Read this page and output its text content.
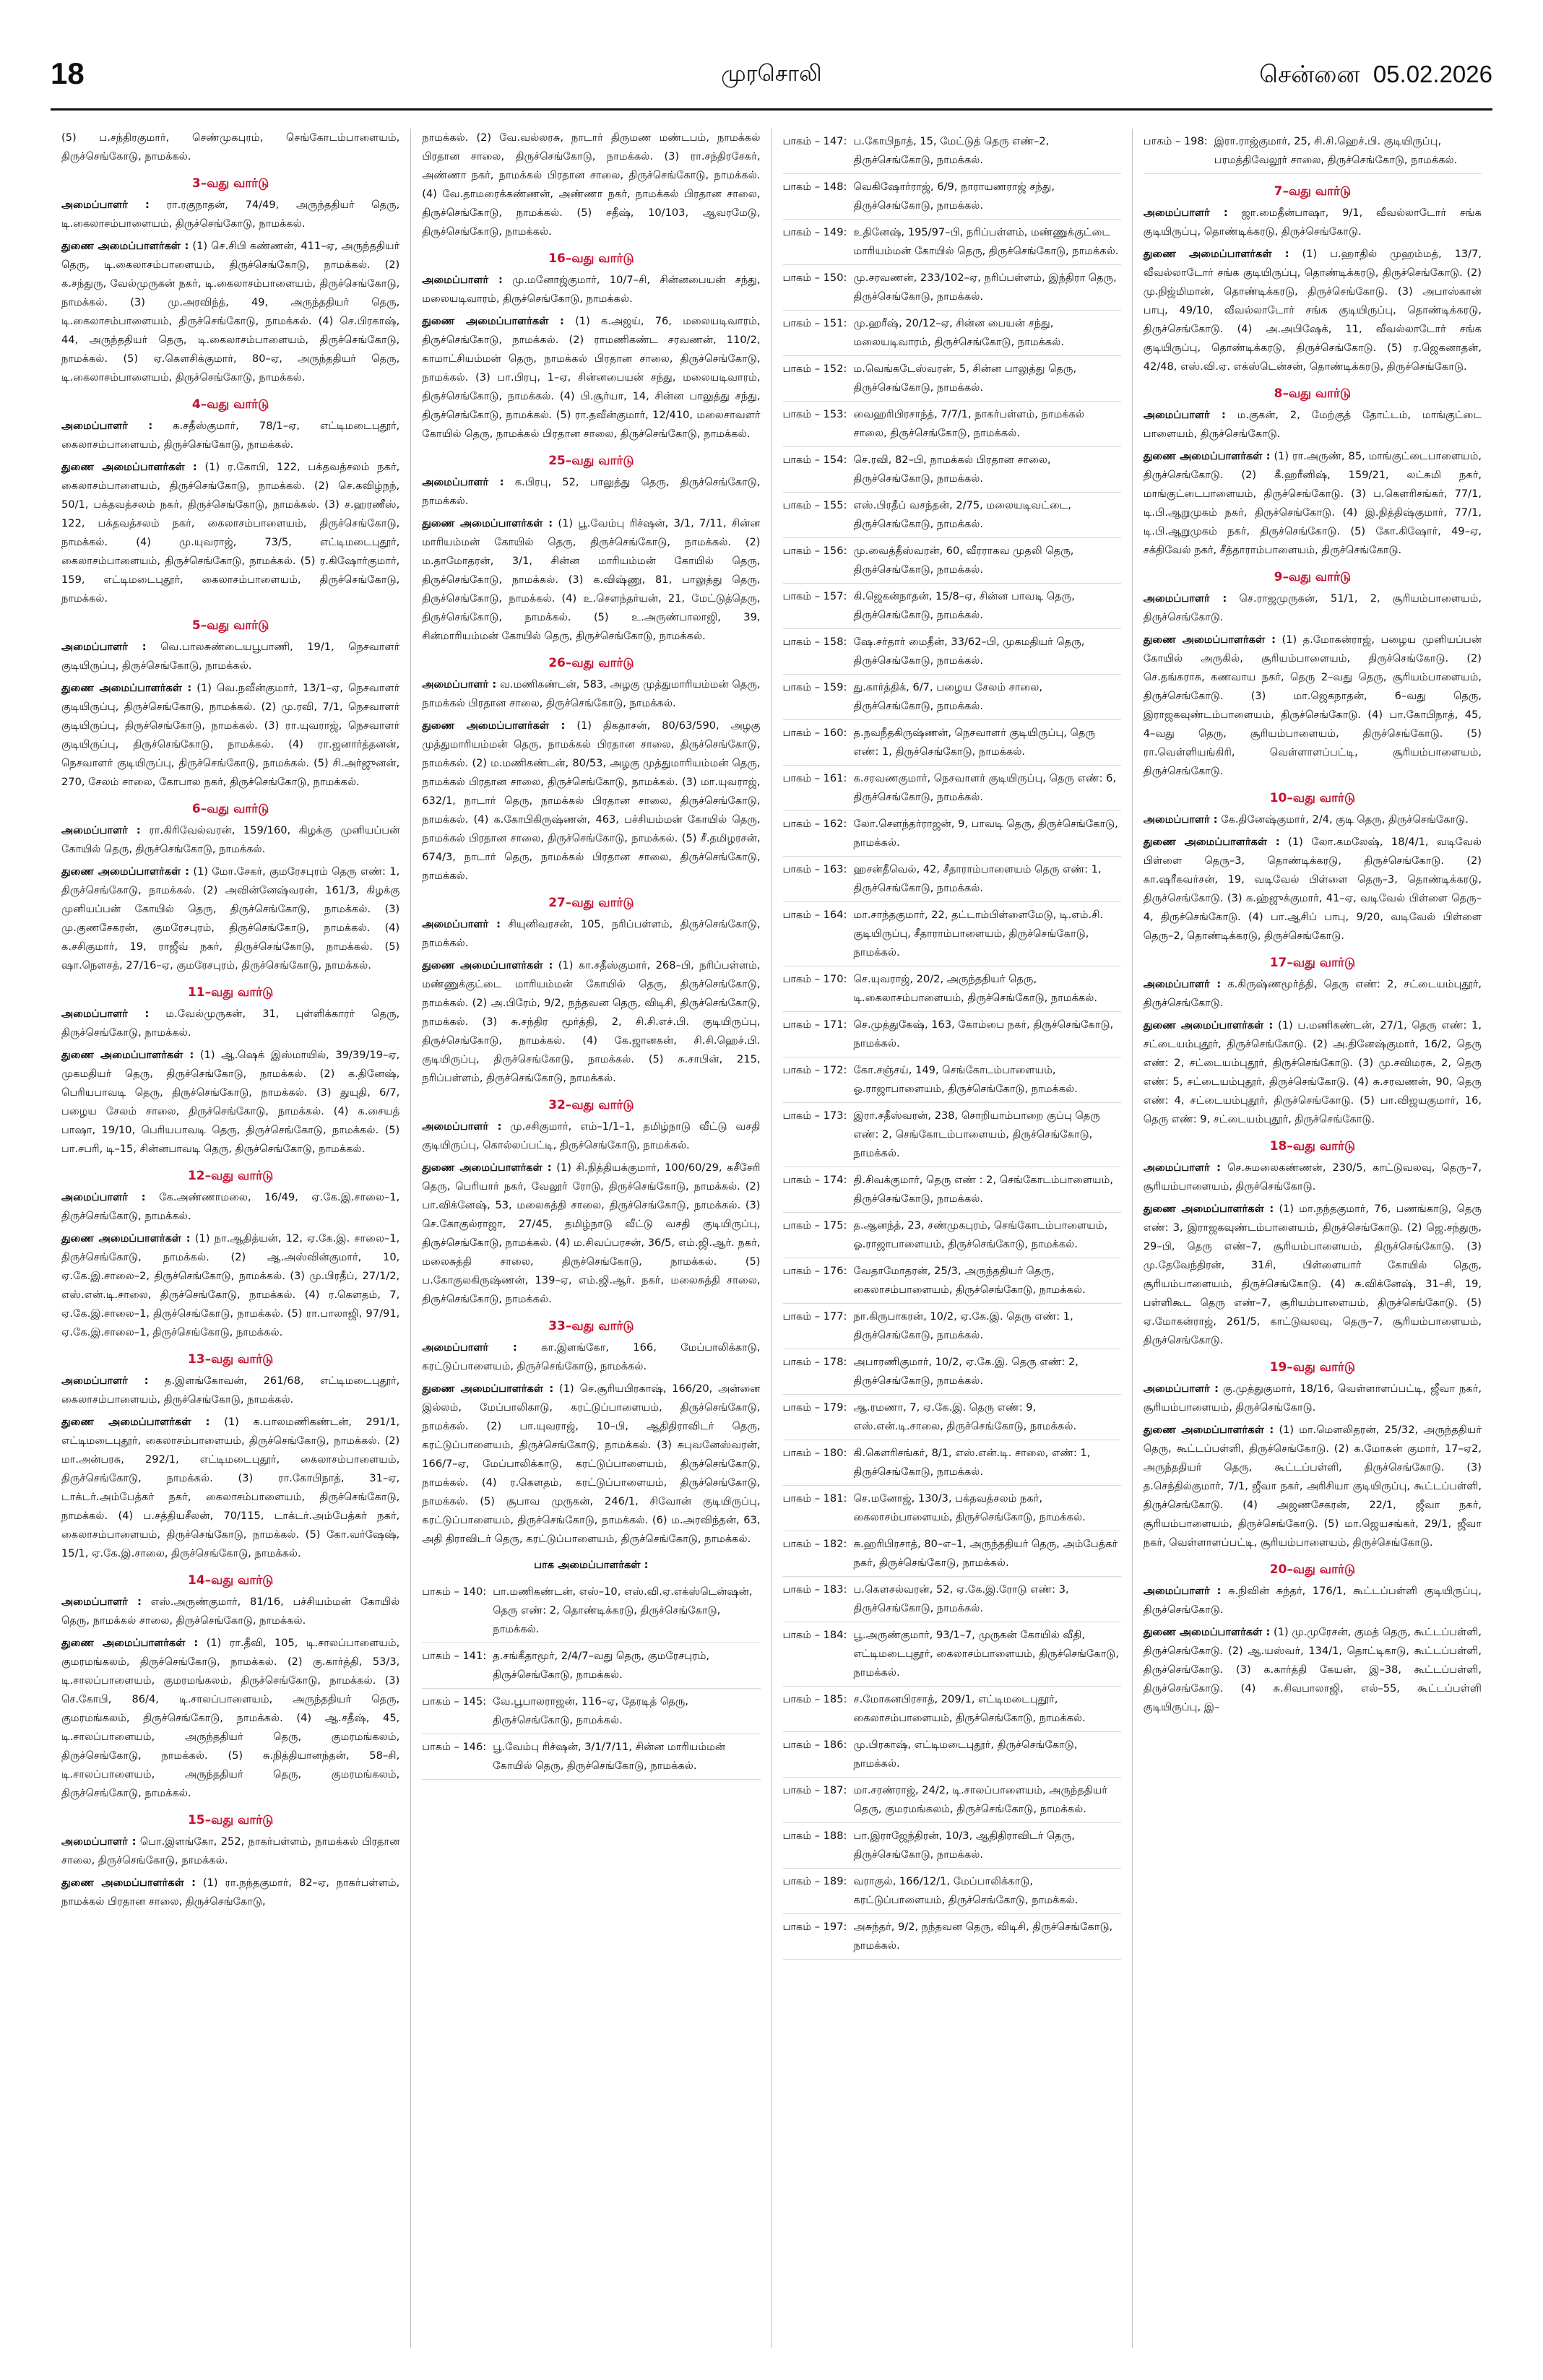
18	முரசொலி	சென்னை 05.02.2026

(5) ப.சந்திரகுமார், செண்முகபுரம், செங்கோடம்பாளையம், திருச்செங்கோடு, நாமக்கல்.

3–வது வார்டு

அமைப்பாளர் : ரா.ரகுநாதன், 74/49, அருந்ததியர் தெரு, டி.கைலாசம்பாளையம், திருச்செங்கோடு, நாமக்கல்.

துணை அமைப்பாளர்கள் : (1) செ.சிபி கண்ணன், 411–ஏ, அருந்ததியர் தெரு, டி.கைலாசம்பாளையம், திருச்செங்கோடு, நாமக்கல். (2) க.சந்துரு, வேல்முருகன் நகர், டி.கைலாசம்பாளையம், திருச்செங்கோடு, நாமக்கல். (3) மு.அரவிந்த், 49, அருந்ததியர் தெரு, டி.கைலாசம்பாளையம், திருச்செங்கோடு, நாமக்கல். (4) செ.பிரகாஷ், 44, அருந்ததியர் தெரு, டி.கைலாசம்பாளையம், திருச்செங்கோடு, நாமக்கல். (5) ஏ.கௌசிக்குமார், 80–ஏ, அருந்ததியர் தெரு, டி.கைலாசம்பாளையம், திருச்செங்கோடு, நாமக்கல்.

4–வது வார்டு

அமைப்பாளர் : க.சதீஸ்குமார், 78/1–ஏ, எட்டிமடைபுதூர், கைலாசம்பாளையம், திருச்செங்கோடு, நாமக்கல்.

துணை அமைப்பாளர்கள் : (1) ர.கோபி, 122, பக்தவத்சலம் நகர், கைலாசம்பாளையம், திருச்செங்கோடு, நாமக்கல். (2) செ.கவிழ்நந், 50/1, பக்தவத்சலம் நகர், திருச்செங்கோடு, நாமக்கல். (3) ச.ஹரணீஸ், 122, பக்தவத்சலம் நகர், கைலாசம்பாளையம், திருச்செங்கோடு, நாமக்கல். (4) மு.யுவராஜ், 73/5, எட்டிமடைபுதூர், கைலாசம்பாளையம், திருச்செங்கோடு, நாமக்கல். (5) ர.கிஷோர்குமார், 159, எட்டிமடைபுதூர், கைலாசம்பாளையம், திருச்செங்கோடு, நாமக்கல்.

5–வது வார்டு

அமைப்பாளர் : வெ.பாலசுண்டையபூபாணி, 19/1, நெசவாளர் குடியிருப்பு, திருச்செங்கோடு, நாமக்கல்.

துணை அமைப்பாளர்கள் : (1) வெ.நவீன்குமார், 13/1–ஏ, நெசவாளர் குடியிருப்பு, திருச்செங்கோடு, நாமக்கல். (2) மு.ரவி, 7/1, நெசவாளர் குடியிருப்பு, திருச்செங்கோடு, நாமக்கல். (3) ரா.யுவராஜ், நெசவாளர் குடியிருப்பு, திருச்செங்கோடு, நாமக்கல். (4) ரா.ஜனார்த்தனன், நெசவாளர் குடியிருப்பு, திருச்செங்கோடு, நாமக்கல். (5) சி.அர்ஜுனன், 270, சேலம் சாலை, கோபால நகர், திருச்செங்கோடு, நாமக்கல்.

6–வது வார்டு

அமைப்பாளர் : ரா.கிரிவேல்வரன், 159/160, கிழக்கு முனியப்பன் கோயில் தெரு, திருச்செங்கோடு, நாமக்கல்.

துணை அமைப்பாளர்கள் : (1) மோ.சேகர், குமரேசபுரம் தெரு எண்: 1, திருச்செங்கோடு, நாமக்கல். (2) அவின்னேஷ்வரன், 161/3, கிழக்கு முனியப்பன் கோயில் தெரு, திருச்செங்கோடு, நாமக்கல். (3) மு.குணசேகரன், குமரேசபுரம், திருச்செங்கோடு, நாமக்கல். (4) க.சசிகுமார், 19, ராஜீவ் நகர், திருச்செங்கோடு, நாமக்கல். (5) ஷா.நௌசத், 27/16–ஏ, குமரேசபுரம், திருச்செங்கோடு, நாமக்கல்.

11–வது வார்டு

அமைப்பாளர் : ம.வேல்முருகன், 31, புள்ளிக்காரர் தெரு, திருச்செங்கோடு, நாமக்கல்.

துணை அமைப்பாளர்கள் : (1) ஆ.ஷெக் இஸ்மாயில், 39/39/19–ஏ, முகமதியர் தெரு, திருச்செங்கோடு, நாமக்கல். (2) க.தினேஷ், பெரியபாவடி தெரு, திருச்செங்கோடு, நாமக்கல். (3) துயுதி, 6/7, பழைய சேலம் சாலை, திருச்செங்கோடு, நாமக்கல். (4) க.சையத் பாஷா, 19/10, பெரியபாவடி தெரு, திருச்செங்கோடு, நாமக்கல். (5) பா.சபரி, டி–15, சின்னபாவடி தெரு, திருச்செங்கோடு, நாமக்கல்.

12–வது வார்டு

அமைப்பாளர் : கே.அண்ணாமலை, 16/49, ஏ.கே.இ.சாலை–1, திருச்செங்கோடு, நாமக்கல்.

துணை அமைப்பாளர்கள் : (1) நா.ஆதித்யன், 12, ஏ.கே.இ. சாலை–1, திருச்செங்கோடு, நாமக்கல். (2) ஆ.அஸ்வின்குமார், 10, ஏ.கே.இ.சாலை–2, திருச்செங்கோடு, நாமக்கல். (3) மு.பிரதீப், 27/1/2, எஸ்.என்.டி.சாலை, திருச்செங்கோடு, நாமக்கல். (4) ர.கௌதம், 7, ஏ.கே.இ.சாலை–1, திருச்செங்கோடு, நாமக்கல். (5) ரா.பாலாஜி, 97/91, ஏ.கே.இ.சாலை–1, திருச்செங்கோடு, நாமக்கல்.

13–வது வார்டு

அமைப்பாளர் : த.இளங்கோவன், 261/68, எட்டிமடைபுதூர், கைலாசம்பாளையம், திருச்செங்கோடு, நாமக்கல்.

துணை அமைப்பாளர்கள் : (1) க.பாலமணிகண்டன், 291/1, எட்டிமடைபுதூர், கைலாசம்பாளையம், திருச்செங்கோடு, நாமக்கல். (2) மா.அன்பரசு, 292/1, எட்டிமடைபுதூர், கைலாசம்பாளையம், திருச்செங்கோடு, நாமக்கல். (3) ரா.கோபிநாத், 31–ஏ, டாக்டர்.அம்பேத்கர் நகர், கைலாசம்பாளையம், திருச்செங்கோடு, நாமக்கல். (4) ப.சத்தியசீலன், 70/115, டாக்டர்.அம்பேத்கர் நகர், கைலாசம்பாளையம், திருச்செங்கோடு, நாமக்கல். (5) கோ.வர்ஷேஷ், 15/1, ஏ.கே.இ.சாலை, திருச்செங்கோடு, நாமக்கல்.

14–வது வார்டு

அமைப்பாளர் : எஸ்.அருண்குமார், 81/16, பச்சியம்மன் கோயில் தெரு, நாமக்கல் சாலை, திருச்செங்கோடு, நாமக்கல்.

துணை அமைப்பாளர்கள் : (1) ரா.தீவி, 105, டி.சாலப்பாளையம், குமரமங்கலம், திருச்செங்கோடு, நாமக்கல். (2) கு.கார்த்தி, 53/3, டி.சாலப்பாளையம், குமரமங்கலம், திருச்செங்கோடு, நாமக்கல். (3) செ.கோபி, 86/4, டி.சாலப்பாளையம், அருந்ததியர் தெரு, குமரமங்கலம், திருச்செங்கோடு, நாமக்கல். (4) ஆ.சதீஷ், 45, டி.சாலப்பாளையம், அருந்ததியர் தெரு, குமரமங்கலம், திருச்செங்கோடு, நாமக்கல். (5) சு.நித்தியானந்தன், 58–சி, டி.சாலப்பாளையம், அருந்ததியர் தெரு, குமரமங்கலம், திருச்செங்கோடு, நாமக்கல்.

15–வது வார்டு

அமைப்பாளர் : பொ.இளங்கோ, 252, நாகர்பள்ளம், நாமக்கல் பிரதான சாலை, திருச்செங்கோடு, நாமக்கல்.

துணை அமைப்பாளர்கள் : (1) ரா.நந்தகுமார், 82–ஏ, நாகர்பள்ளம், நாமக்கல் பிரதான சாலை, திருச்செங்கோடு,

நாமக்கல். (2) வே.வல்லரசு, நாடார் திருமண மண்டபம், நாமக்கல் பிரதான சாலை, திருச்செங்கோடு, நாமக்கல். (3) ரா.சந்திரசேகர், அண்ணா நகர், நாமக்கல் பிரதான சாலை, திருச்செங்கோடு, நாமக்கல். (4) வே.தாமரைக்கண்ணன், அண்ணா நகர், நாமக்கல் பிரதான சாலை, திருச்செங்கோடு, நாமக்கல். (5) சதீஷ், 10/103, ஆவரமேடு, திருச்செங்கோடு, நாமக்கல்.

16–வது வார்டு

அமைப்பாளர் : மு.மனோஜ்குமார், 10/7–சி, சின்னபையன் சந்து, மலையடிவாரம், திருச்செங்கோடு, நாமக்கல்.

துணை அமைப்பாளர்கள் : (1) க.அஜய், 76, மலையடிவாரம், திருச்செங்கோடு, நாமக்கல். (2) ராமணிகண்ட சரவணன், 110/2, காமாட்சியம்மன் தெரு, நாமக்கல் பிரதான சாலை, திருச்செங்கோடு, நாமக்கல். (3) பா.பிரபு, 1–ஏ, சின்னபையன் சந்து, மலையடிவாரம், திருச்செங்கோடு, நாமக்கல். (4) பி.சூர்யா, 14, சின்ன பாலுத்து சந்து, திருச்செங்கோடு, நாமக்கல். (5) ரா.தவீன்குமார், 12/410, மலைசாவளர் கோயில் தெரு, நாமக்கல் பிரதான சாலை, திருச்செங்கோடு, நாமக்கல்.

25–வது வார்டு

அமைப்பாளர் : க.பிரபு, 52, பாலுத்து தெரு, திருச்செங்கோடு, நாமக்கல்.

துணை அமைப்பாளர்கள் : (1) பூ.வேம்பு ரிச்ஷன், 3/1, 7/11, சின்ன மாரியம்மன் கோயில் தெரு, திருச்செங்கோடு, நாமக்கல். (2) ம.தாமோதரன், 3/1, சின்ன மாரியம்மன் கோயில் தெரு, திருச்செங்கோடு, நாமக்கல். (3) க.விஷ்ணு, 81, பாலுத்து தெரு, திருச்செங்கோடு, நாமக்கல். (4) உ.சௌந்தர்யன், 21, மேட்டுத்தெரு, திருச்செங்கோடு, நாமக்கல். (5) உ.அருண்பாலாஜி, 39, சின்மாரியம்மன் கோயில் தெரு, திருச்செங்கோடு, நாமக்கல்.

26–வது வார்டு

அமைப்பாளர் : வ.மணிகண்டன், 583, அழகு முத்துமாரியம்மன் தெரு, நாமக்கல் பிரதான சாலை, திருச்செங்கோடு, நாமக்கல்.

துணை அமைப்பாளர்கள் : (1) திகதாசன், 80/63/590, அழகு முத்துமாரியம்மன் தெரு, நாமக்கல் பிரதான சாலை, திருச்செங்கோடு, நாமக்கல். (2) ம.மணிகண்டன், 80/53, அழகு முத்துமாரியம்மன் தெரு, நாமக்கல் பிரதான சாலை, திருச்செங்கோடு, நாமக்கல். (3) மா.யுவராஜ், 632/1, நாடார் தெரு, நாமக்கல் பிரதான சாலை, திருச்செங்கோடு, நாமக்கல். (4) க.கோபிகிருஷ்ணன், 463, பச்சியம்மன் கோயில் தெரு, நாமக்கல் பிரதான சாலை, திருச்செங்கோடு, நாமக்கல். (5) சீ.தமிழரசன், 674/3, நாடார் தெரு, நாமக்கல் பிரதான சாலை, திருச்செங்கோடு, நாமக்கல்.

27–வது வார்டு

அமைப்பாளர் : சியுனிவரசன், 105, நரிப்பள்ளம், திருச்செங்கோடு, நாமக்கல்.

துணை அமைப்பாளர்கள் : (1) கா.சதீஸ்குமார், 268–பி, நரிப்பள்ளம், மண்ணுக்குட்டை மாரியம்மன் கோயில் தெரு, திருச்செங்கோடு, நாமக்கல். (2) அ.பிரேம், 9/2, நந்தவன தெரு, விடிசி, திருச்செங்கோடு, நாமக்கல். (3) சு.சந்திர மூர்த்தி, 2, சி.சி.எச்.பி. குடியிருப்பு, திருச்செங்கோடு, நாமக்கல். (4) கே.ஜானகன், சி.சி.ஹெச்.பி. குடியிருப்பு, திருச்செங்கோடு, நாமக்கல். (5) சு.சாபின், 215, நரிப்பள்ளம், திருச்செங்கோடு, நாமக்கல்.

32–வது வார்டு

அமைப்பாளர் : மு.சசிகுமார், எம்–1/1–1, தமிழ்நாடு வீட்டு வசதி குடியிருப்பு, கொல்லப்பட்டி, திருச்செங்கோடு, நாமக்கல்.

துணை அமைப்பாளர்கள் : (1) சி.நித்தியக்குமார், 100/60/29, கசீசேரி தெரு, பெரியார் நகர், வேலூர் ரோடு, திருச்செங்கோடு, நாமக்கல். (2) பா.விக்னேஷ், 53, மலைசுத்தி சாலை, திருச்செங்கோடு, நாமக்கல். (3) செ.கோகுல்ராஜா, 27/45, தமிழ்நாடு வீட்டு வசதி குடியிருப்பு, திருச்செங்கோடு, நாமக்கல். (4) ம.சிவப்பரசன், 36/5, எம்.ஜி.ஆர். நகர், மலைசுத்தி சாலை, திருச்செங்கோடு, நாமக்கல். (5) ப.கோகுலகிருஷ்ணன், 139–ஏ, எம்.ஜி.ஆர். நகர், மலைசுத்தி சாலை, திருச்செங்கோடு, நாமக்கல்.

33–வது வார்டு

அமைப்பாளர் : கா.இளங்கோ, 166, மேப்பாலிக்காடு, கரட்டுப்பாளையம், திருச்செங்கோடு, நாமக்கல்.

துணை அமைப்பாளர்கள் : (1) செ.சூரியபிரகாஷ், 166/20, அன்னை இல்லம், மேப்பாலிகாடு, கரட்டுப்பாளையம், திருச்செங்கோடு, நாமக்கல். (2) பா.யுவராஜ், 10–பி, ஆதிதிராவிடர் தெரு, கரட்டுப்பாளையம், திருச்செங்கோடு, நாமக்கல். (3) சுபுவனேஸ்வரன், 166/7–ஏ, மேப்பாலிக்காடு, கரட்டுப்பாளையம், திருச்செங்கோடு, நாமக்கல். (4) ர.கௌதம், கரட்டுப்பாளையம், திருச்செங்கோடு, நாமக்கல். (5) சூபாவ முருகன், 246/1, சிவோன் குடியிருப்பு, கரட்டுப்பாளையம், திருச்செங்கோடு, நாமக்கல். (6) ம.அரவிந்தன், 63, அதி திராவிடர் தெரு, கரட்டுப்பாளையம், திருச்செங்கோடு, நாமக்கல்.

பாக அமைப்பாளர்கள் :
பாகம் – 140 : பா.மணிகண்டன், எஸ்–10, எஸ்.வி.ஏ.எக்ஸ்டென்ஷன், தெரு எண்: 2, தொண்டிக்கரடு, திருச்செங்கோடு, நாமக்கல்.
பாகம் – 141 : த.சங்கீதாமூர், 2/4/7–வது தெரு, குமரேசபுரம், திருச்செங்கோடு, நாமக்கல்.
பாகம் – 145 : வே.பூபாலராஜன், 116–ஏ, தேரடித் தெரு, திருச்செங்கோடு, நாமக்கல்.
பாகம் – 146 : பூ.வேம்பு ரிச்ஷன், 3/1/7/11, சின்ன மாரியம்மன் கோயில் தெரு, திருச்செங்கோடு, நாமக்கல்.
பாகம் – 147 : ப.கோபிநாத், 15, மேட்டுத் தெரு எண்–2, திருச்செங்கோடு, நாமக்கல்.
பாகம் – 148 : வெகிஷோர்ராஜ், 6/9, நாராயணராஜ் சந்து, திருச்செங்கோடு, நாமக்கல்.
பாகம் – 149 : உதினேஷ், 195/97–பி, நரிப்பள்ளம், மண்ணுக்குட்டை மாரியம்மன் கோயில் தெரு, திருச்செங்கோடு, நாமக்கல்.
பாகம் – 150 : மு.சரவணன், 233/102–ஏ, நரிப்பள்ளம், இந்திரா தெரு, திருச்செங்கோடு, நாமக்கல்.
பாகம் – 151 : மு.ஹரீஷ், 20/12–ஏ, சின்ன பையன் சந்து, மலையடிவாரம், திருச்செங்கோடு, நாமக்கல்.
பாகம் – 152 : ம.வெங்கடேஸ்வரன், 5, சின்ன பாலுத்து தெரு, திருச்செங்கோடு, நாமக்கல்.
பாகம் – 153 : வைஹரிபிரசாந்த், 7/7/1, நாகர்பள்ளம், நாமக்கல் சாலை, திருச்செங்கோடு, நாமக்கல்.
பாகம் – 154 : செ.ரவி, 82–பி, நாமக்கல் பிரதான சாலை, திருச்செங்கோடு, நாமக்கல்.
பாகம் – 155 : எஸ்.பிரதீப் வசந்தன், 2/75, மலையடிவட்டை, திருச்செங்கோடு, நாமக்கல்.
பாகம் – 156 : மு.வைத்தீஸ்வரன், 60, வீரராகவ முதலி தெரு, திருச்செங்கோடு, நாமக்கல்.
பாகம் – 157 : கி.ஜெகன்நாதன், 15/8–ஏ, சின்ன பாவடி தெரு, திருச்செங்கோடு, நாமக்கல்.
பாகம் – 158 : ஷே.சர்தார் மைதீன், 33/62–பி, முகமதியர் தெரு, திருச்செங்கோடு, நாமக்கல்.
பாகம் – 159 : து.கார்த்திக், 6/7, பழைய சேலம் சாலை, திருச்செங்கோடு, நாமக்கல்.
பாகம் – 160 : த.நவநீதகிருஷ்ணன், நெசவாளர் குடியிருப்பு, தெரு எண்: 1, திருச்செங்கோடு, நாமக்கல்.
பாகம் – 161 : க.சரவணகுமார், நெசவாளர் குடியிருப்பு, தெரு எண்: 6, திருச்செங்கோடு, நாமக்கல்.
பாகம் – 162 : லோ.செளந்தர்ராஜன், 9, பாவடி தெரு, திருச்செங்கோடு, நாமக்கல்.
பாகம் – 163 : ஹசன்தீவெல், 42, சீதாராம்பாளையம் தெரு எண்: 1, திருச்செங்கோடு, நாமக்கல்.
பாகம் – 164 : மா.சாந்தகுமார், 22, தட்டாம்பிள்ளைமேடு, டி.எம்.சி. குடியிருப்பு, சீதாராம்பாளையம், திருச்செங்கோடு, நாமக்கல்.
பாகம் – 170 : செ.யுவராஜ், 20/2, அருந்ததியர் தெரு, டி.கைலாசம்பாளையம், திருச்செங்கோடு, நாமக்கல்.
பாகம் – 171 : செ.முத்துகேஷ், 163, கோம்பை நகர், திருச்செங்கோடு, நாமக்கல்.
பாகம் – 172 : கோ.சஞ்சய், 149, செங்கோடம்பாளையம், ஓ.ராஜாபாளையம், திருச்செங்கோடு, நாமக்கல்.
பாகம் – 173 : இரா.சதீஸ்வரன், 238, சொறியாம்பாறை குப்பு தெரு எண்: 2, செங்கோடம்பாளையம், திருச்செங்கோடு, நாமக்கல்.
பாகம் – 174 : தி.சிவக்குமார், தெரு எண் : 2, செங்கோடம்பாளையம், திருச்செங்கோடு, நாமக்கல்.
பாகம் – 175 : த.ஆனந்த், 23, சண்முகபுரம், செங்கோடம்பாளையம், ஓ.ராஜாபாளையம், திருச்செங்கோடு, நாமக்கல்.
பாகம் – 176 : வேதாமோதரன், 25/3, அருந்ததியர் தெரு, கைலாசம்பாளையம், திருச்செங்கோடு, நாமக்கல்.
பாகம் – 177 : நா.கிருபாகரன், 10/2, ஏ.கே.இ. தெரு எண்: 1, திருச்செங்கோடு, நாமக்கல்.
பாகம் – 178 : அபாரணிகுமார், 10/2, ஏ.கே.இ. தெரு எண்: 2, திருச்செங்கோடு, நாமக்கல்.
பாகம் – 179 : ஆ.ரமணா, 7, ஏ.கே.இ. தெரு எண்: 9, எஸ்.என்.டி.சாலை, திருச்செங்கோடு, நாமக்கல்.
பாகம் – 180 : கி.கௌரிசங்கர், 8/1, எஸ்.என்.டி. சாலை, எண்: 1, திருச்செங்கோடு, நாமக்கல்.
பாகம் – 181 : செ.மனோஜ், 130/3, பக்தவத்சலம் நகர், கைலாசம்பாளையம், திருச்செங்கோடு, நாமக்கல்.
பாகம் – 182 : சு.ஹரிபிரசாத், 80–எ–1, அருந்ததியர் தெரு, அம்பேத்கர் நகர், திருச்செங்கோடு, நாமக்கல்.
பாகம் – 183 : ப.கௌசல்வரன், 52, ஏ.கே.இ.ரோடு எண்: 3, திருச்செங்கோடு, நாமக்கல்.
பாகம் – 184 : பூ.அருண்குமார், 93/1–7, முருகன் கோயில் வீதி, எட்டிமடைபுதூர், கைலாசம்பாளையம், திருச்செங்கோடு, நாமக்கல்.
பாகம் – 185 : ச.மோகனபிரசாத், 209/1, எட்டிமடைபுதூர், கைலாசம்பாளையம், திருச்செங்கோடு, நாமக்கல்.
பாகம் – 186 : மு.பிரகாஷ், எட்டிமடைபுதூர், திருச்செங்கோடு, நாமக்கல்.
பாகம் – 187 : மா.சரண்ராஜ், 24/2, டி.சாலப்பாளையம், அருந்ததியர் தெரு, குமரமங்கலம், திருச்செங்கோடு, நாமக்கல்.
பாகம் – 188 : பா.இராஜேந்திரன், 10/3, ஆதிதிராவிடர் தெரு, திருச்செங்கோடு, நாமக்கல்.
பாகம் – 189 : வராகுல், 166/12/1, மேப்பாலிக்காடு, கரட்டுப்பாளையம், திருச்செங்கோடு, நாமக்கல்.
பாகம் – 197 : அசுந்தர், 9/2, நந்தவன தெரு, விடிசி, திருச்செங்கோடு, நாமக்கல்.
பாகம் – 198 : இரா.ராஜ்குமார், 25, சி.சி.ஹெச்.பி. குடியிருப்பு, பரமத்திவேலூர் சாலை, திருச்செங்கோடு, நாமக்கல்.
7–வது வார்டு

அமைப்பாளர் : ஜா.மைதீன்பாஷா, 9/1, வீவல்லாடோர் சங்க குடியிருப்பு, தொண்டிக்கரடு, திருச்செங்கோடு.

துணை அமைப்பாளர்கள் : (1) ப.ஹாதில் முஹம்மத், 13/7, வீவல்லாடோர் சங்க குடியிருப்பு, தொண்டிக்கரடு, திருச்செங்கோடு. (2) மு.நிஜ்மிமான், தொண்டிக்கரடு, திருச்செங்கோடு. (3) அபாஸ்கான் பாபு, 49/10, வீவல்லாடோர் சங்க குடியிருப்பு, தொண்டிக்கரடு, திருச்செங்கோடு. (4) அ.அபிஷேக், 11, வீவல்லாடோர் சங்க குடியிருப்பு, தொண்டிக்கரடு, திருச்செங்கோடு. (5) ர.ஜெகனாதன், 42/48, எஸ்.வி.ஏ. எக்ஸ்டென்சன், தொண்டிக்கரடு, திருச்செங்கோடு.

8–வது வார்டு

அமைப்பாளர் : ம.குகன், 2, மேற்குத் தோட்டம், மாங்குட்டை பாளையம், திருச்செங்கோடு.

துணை அமைப்பாளர்கள் : (1) ரா.அருண், 85, மாங்குட்டைபாளையம், திருச்செங்கோடு. (2) கீ.ஹரீனிஷ், 159/21, லட்சுமி நகர், மாங்குட்டைபாளையம், திருச்செங்கோடு. (3) ப.கௌரிசங்கர், 77/1, டி.பி.ஆறுமுகம் நகர், திருச்செங்கோடு. (4) இ.நித்திஷ்குமார், 77/1, டி.பி.ஆறுமுகம் நகர், திருச்செங்கோடு. (5) கோ.கிஷோர், 49–ஏ, சக்திவேல் நகர், சீத்தாராம்பாளையம், திருச்செங்கோடு.

9–வது வார்டு

அமைப்பாளர் : செ.ராஜமுருகன், 51/1, 2, சூரியம்பாளையம், திருச்செங்கோடு.

துணை அமைப்பாளர்கள் : (1) த.மோகன்ராஜ், பழைய முனியப்பன் கோயில் அருகில், சூரியம்பாளையம், திருச்செங்கோடு. (2) செ.தங்கராசு, கணவாய நகர், தெரு 2–வது தெரு, சூரியம்பாளையம், திருச்செங்கோடு. (3) மா.ஜெகநாதன், 6–வது தெரு, இராஜகவுண்டம்பாளையம், திருச்செங்கோடு. (4) பா.கோபிநாத், 45, 4–வது தெரு, சூரியம்பாளையம், திருச்செங்கோடு. (5) ரா.வெள்ளியங்கிரி, வெள்ளாளப்பட்டி, சூரியம்பாளையம், திருச்செங்கோடு.

10–வது வார்டு

அமைப்பாளர் : கே.தினேஷ்குமார், 2/4, குடி தெரு, திருச்செங்கோடு.

துணை அமைப்பாளர்கள் : (1) லோ.கமலேஷ், 18/4/1, வடிவேல் பிள்ளை தெரு–3, தொண்டிக்கரடு, திருச்செங்கோடு. (2) கா.ஷரீகவர்சன், 19, வடிவேல் பிள்ளை தெரு–3, தொண்டிக்கரடு, திருச்செங்கோடு. (3) க.ஹ்ஜுக்குமார், 41–ஏ, வடிவேல் பிள்ளை தெரு–4, திருச்செங்கோடு. (4) பா.ஆசிப் பாபு, 9/20, வடிவேல் பிள்ளை தெரு–2, தொண்டிக்கரடு, திருச்செங்கோடு.

17–வது வார்டு

அமைப்பாளர் : க.கிருஷ்ணமூர்த்தி, தெரு எண்: 2, சட்டையம்புதூர், திருச்செங்கோடு.

துணை அமைப்பாளர்கள் : (1) ப.மணிகண்டன், 27/1, தெரு எண்: 1, சட்டையம்புதூர், திருச்செங்கோடு. (2) அ.தினேஷ்குமார், 16/2, தெரு எண்: 2, சட்டையம்புதூர், திருச்செங்கோடு. (3) மு.சவிமரசு, 2, தெரு எண்: 5, சட்டையம்புதூர், திருச்செங்கோடு. (4) சு.சரவணன், 90, தெரு எண்: 4, சட்டையம்புதூர், திருச்செங்கோடு. (5) பா.விஜயகுமார், 16, தெரு எண்: 9, சட்டையம்புதூர், திருச்செங்கோடு.

18–வது வார்டு

அமைப்பாளர் : செ.சுமலைகண்ணன், 230/5, காட்டுவலவு, தெரு–7, சூரியம்பாளையம், திருச்செங்கோடு.

துணை அமைப்பாளர்கள் : (1) மா.நந்தகுமார், 76, பணங்காடு, தெரு எண்: 3, இராஜகவுண்டம்பாளையம், திருச்செங்கோடு. (2) ஜெ.சந்துரு, 29–பி, தெரு எண்–7, சூரியம்பாளையம், திருச்செங்கோடு. (3) மு.தேவேந்திரன், 31சி, பிள்ளையார் கோயில் தெரு, சூரியம்பாளையம், திருச்செங்கோடு. (4) சு.விக்னேஷ், 31–சி, 19, பள்ளிகூட தெரு எண்–7, சூரியம்பாளையம், திருச்செங்கோடு. (5) ஏ.மோகன்ராஜ், 261/5, காட்டுவலவு, தெரு–7, சூரியம்பாளையம், திருச்செங்கோடு.

19–வது வார்டு

அமைப்பாளர் : கு.முத்துகுமார், 18/16, வெள்ளாளப்பட்டி, ஜீவா நகர், சூரியம்பாளையம், திருச்செங்கோடு.

துணை அமைப்பாளர்கள் : (1) மா.மௌலிதரன், 25/32, அருந்ததியர் தெரு, கூட்டப்பள்ளி, திருச்செங்கோடு. (2) க.மோகன் குமார், 17–ஏ2, அருந்ததியர் தெரு, கூட்டப்பள்ளி, திருச்செங்கோடு. (3) த.செந்தில்குமார், 7/1, ஜீவா நகர், அரிசியா குடியிருப்பு, கூட்டப்பள்ளி, திருச்செங்கோடு. (4) அஜணசேகரன், 22/1, ஜீவா நகர், சூரியம்பாளையம், திருச்செங்கோடு. (5) மா.ஜெயசங்கர், 29/1, ஜீவா நகர், வெள்ளாளப்பட்டி, சூரியம்பாளையம், திருச்செங்கோடு.

20–வது வார்டு

அமைப்பாளர் : சு.நிவின் சுந்தர், 176/1, கூட்டப்பள்ளி குடியிருப்பு, திருச்செங்கோடு.

துணை அமைப்பாளர்கள் : (1) மு.முரேசன், குமத் தெரு, கூட்டப்பள்ளி, திருச்செங்கோடு. (2) ஆ.யஸ்வர், 134/1, தொட்டிகாடு, கூட்டப்பள்ளி, திருச்செங்கோடு. (3) க.கார்த்தி கேயன், இ–38, கூட்டப்பள்ளி, திருச்செங்கோடு. (4) சு.சிவபாலாஜி, எல்–55, கூட்டப்பள்ளி குடியிருப்பு, இ–
